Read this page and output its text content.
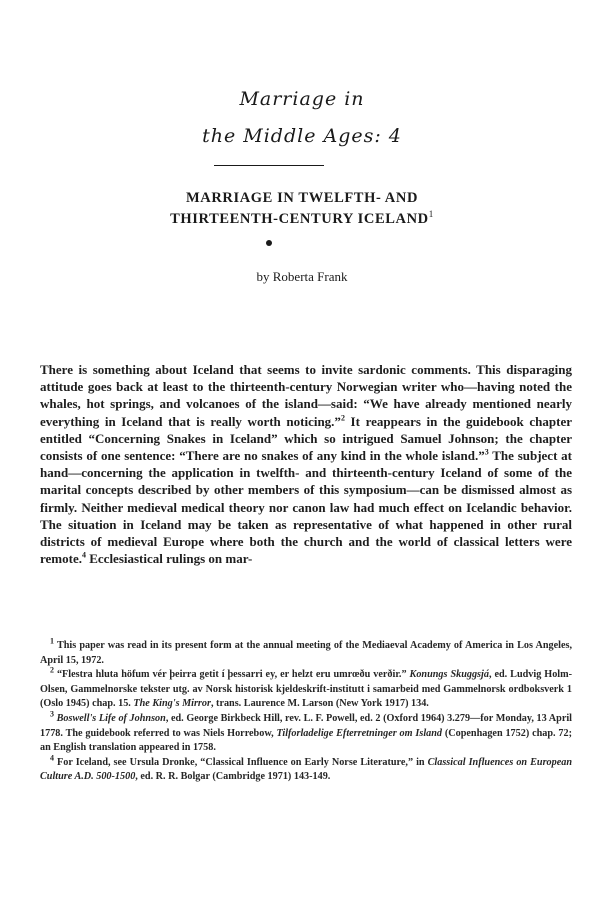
Marriage in
the Middle Ages: 4
MARRIAGE IN TWELFTH- AND
THIRTEENTH-CENTURY ICELAND$^1$
by Roberta Frank

There is something about Iceland that seems to invite sardonic comments. This disparaging attitude goes back at least to the thirteenth-century Norwegian writer who—having noted the whales, hot springs, and volcanoes of the island—said: “We have already mentioned nearly everything in Iceland that is really worth noticing.”$^2$ It reappears in the guidebook chapter entitled “Concerning Snakes in Iceland” which so intrigued Samuel Johnson; the chapter consists of one sentence: “There are no snakes of any kind in the whole island.”$^3$ The subject at hand—concerning the application in twelfth- and thirteenth-century Iceland of some of the marital concepts described by other members of this symposium—can be dismissed almost as firmly. Neither medieval medical theory nor canon law had much effect on Icelandic behavior. The situation in Iceland may be taken as representative of what happened in other rural districts of medieval Europe where both the church and the world of classical letters were remote.$^4$ Ecclesiastical rulings on mar-

$^1$ This paper was read in its present form at the annual meeting of the Mediaeval Academy of America in Los Angeles, April 15, 1972.

$^2$ “Flestra hluta höfum vér þeirra getit í þessarri ey, er helzt eru umrœðu verðir.” Konungs Skuggsjá, ed. Ludvig Holm-Olsen, Gammelnorske tekster utg. av Norsk historisk kjeldeskrift-institutt i samarbeid med Gammelnorsk ordboksverk 1 (Oslo 1945) chap. 15. The King's Mirror, trans. Laurence M. Larson (New York 1917) 134.

$^3$ Boswell's Life of Johnson, ed. George Birkbeck Hill, rev. L. F. Powell, ed. 2 (Oxford 1964) 3.279—for Monday, 13 April 1778. The guidebook referred to was Niels Horrebow, Tilforladelige Efterretninger om Island (Copenhagen 1752) chap. 72; an English translation appeared in 1758.

$^4$ For Iceland, see Ursula Dronke, “Classical Influence on Early Norse Literature,” in Classical Influences on European Culture A.D. 500-1500, ed. R. R. Bolgar (Cambridge 1971) 143-149.
